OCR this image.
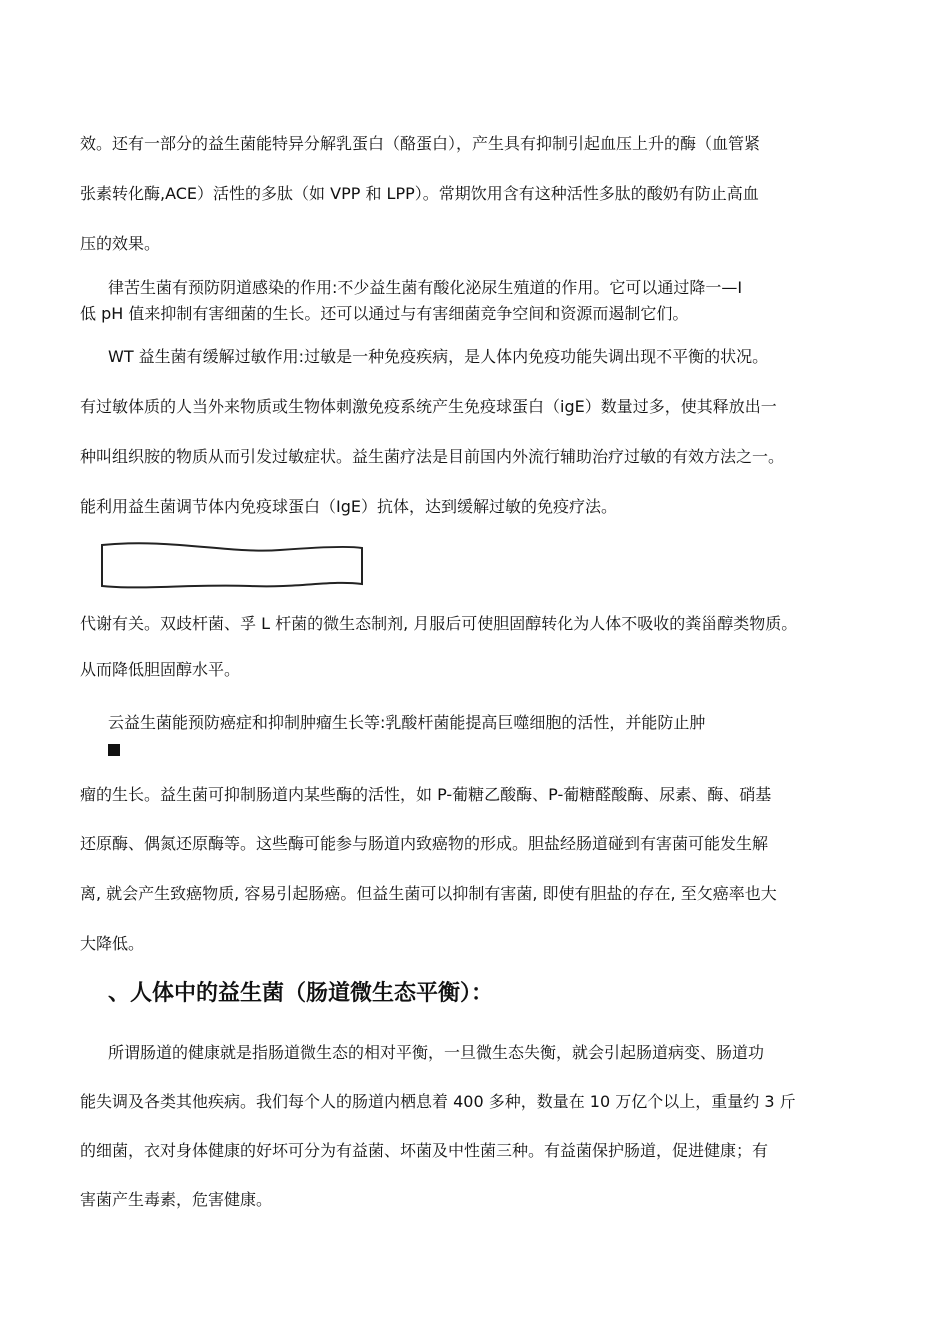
效。还有一部分的益生菌能特异分解乳蛋白（酪蛋白），产生具有抑制引起血压上升的酶（血管紧
张素转化酶,ACE）活性的多肽（如 VPP 和 LPP）。常期饮用含有这种活性多肽的酸奶有防止高血
压的效果。
律苦生菌有预防阴道感染的作用:不少益生菌有酸化泌尿生殖道的作用。它可以通过降一—I
低 pH 值来抑制有害细菌的生长。还可以通过与有害细菌竞争空间和资源而遏制它们。
WT 益生菌有缓解过敏作用:过敏是一种免疫疾病，是人体内免疫功能失调出现不平衡的状况。
有过敏体质的人当外来物质或生物体刺激免疫系统产生免疫球蛋白（igE）数量过多，使其释放出一
种叫组织胺的物质从而引发过敏症状。益生菌疗法是目前国内外流行辅助治疗过敏的有效方法之一。
能利用益生菌调节体内免疫球蛋白（IgE）抗体，达到缓解过敏的免疫疗法。
代谢有关。双歧杆菌、孚 L 杆菌的微生态制剂, 月服后可使胆固醇转化为人体不吸收的粪甾醇类物质。
从而降低胆固醇水平。
云益生菌能预防癌症和抑制肿瘤生长等:乳酸杆菌能提高巨噬细胞的活性，并能防止肿
瘤的生长。益生菌可抑制肠道内某些酶的活性，如 P-葡糖乙酸酶、P-葡糖醛酸酶、尿素、酶、硝基
还原酶、偶氮还原酶等。这些酶可能参与肠道内致癌物的形成。胆盐经肠道碰到有害菌可能发生解
离, 就会产生致癌物质, 容易引起肠癌。但益生菌可以抑制有害菌, 即使有胆盐的存在, 至攵癌率也大
大降低。
、人体中的益生菌（肠道微生态平衡）：
所谓肠道的健康就是指肠道微生态的相对平衡，一旦微生态失衡，就会引起肠道病变、肠道功
能失调及各类其他疾病。我们每个人的肠道内栖息着 400 多种，数量在 10 万亿个以上，重量约 3 斤
的细菌，衣对身体健康的好坏可分为有益菌、坏菌及中性菌三种。有益菌保护肠道，促进健康；有
害菌产生毒素，危害健康。
